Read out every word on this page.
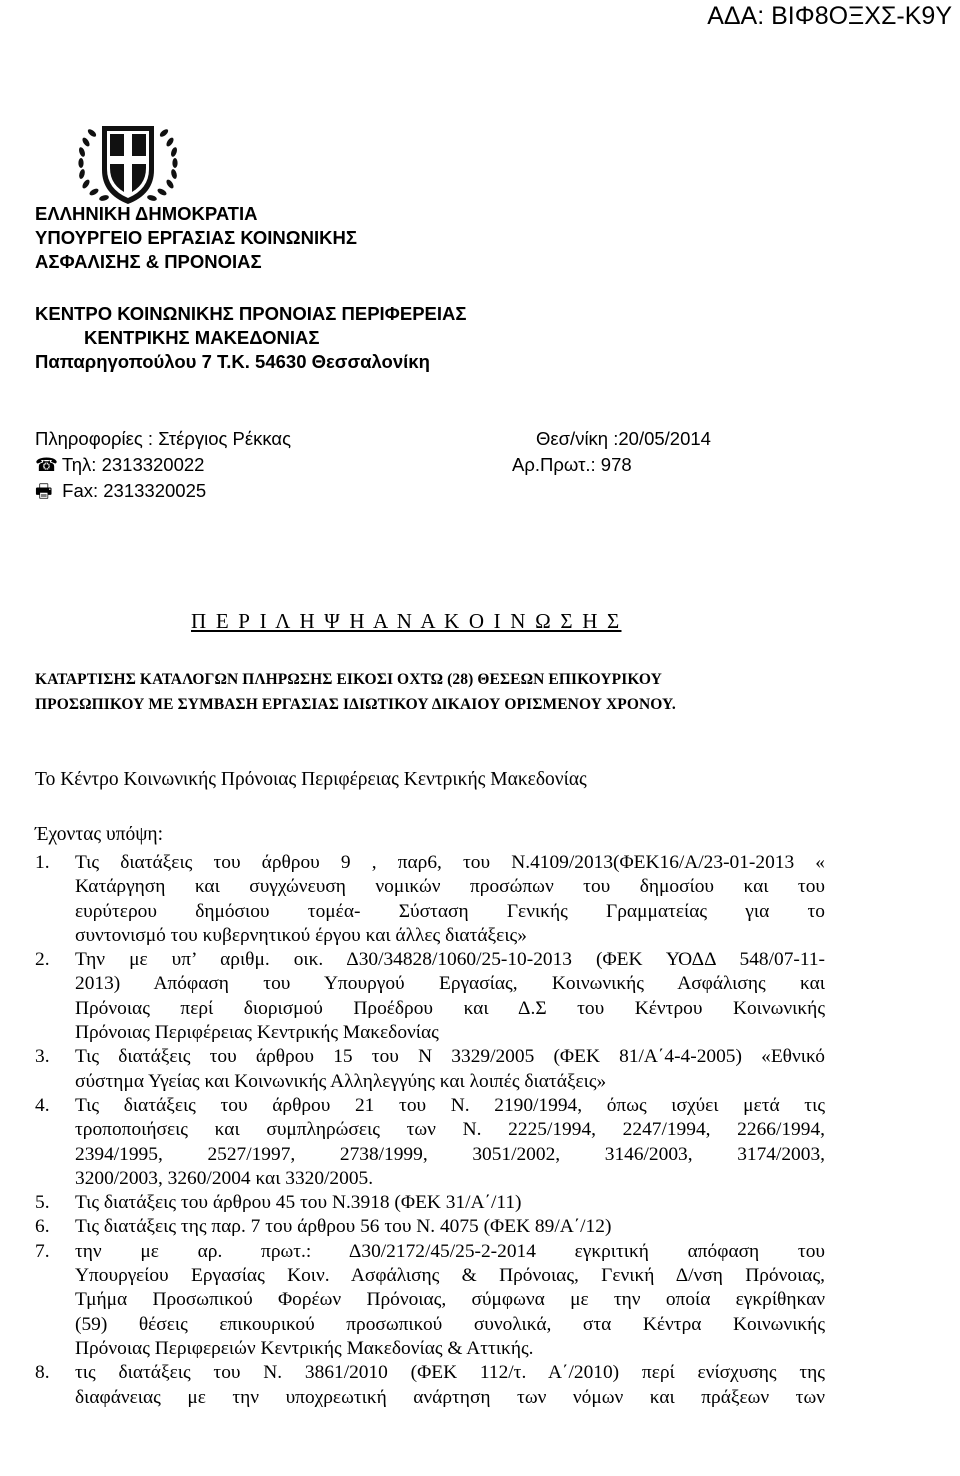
ΑΔΑ: ΒΙΦ8ΟΞΧΣ-Κ9Υ
ΕΛΛΗΝΙΚΗ ΔΗΜΟΚΡΑΤΙΑ
ΥΠΟΥΡΓΕΙΟ ΕΡΓΑΣΙΑΣ ΚΟΙΝΩΝΙΚΗΣ
ΑΣΦΑΛΙΣΗΣ & ΠΡΟΝΟΙΑΣ
ΚΕΝΤΡΟ ΚΟΙΝΩΝΙΚΗΣ ΠΡΟΝΟΙΑΣ ΠΕΡΙΦΕΡΕΙΑΣ
ΚΕΝΤΡΙΚΗΣ ΜΑΚΕΔΟΝΙΑΣ
Παπαρηγοπούλου 7 Τ.Κ. 54630 Θεσσαλονίκη
Πληροφορίες : Στέργιος Ρέκκας
☎ Τηλ: 2313320022
🖶 Fax: 2313320025
Θεσ/νίκη :20/05/2014
Αρ.Πρωτ.: 978
Π Ε Ρ Ι Λ Η Ψ Η Α Ν Α Κ Ο Ι Ν Ω Σ Η Σ
ΚΑΤΑΡΤΙΣΗΣ ΚΑΤΑΛΟΓΩΝ ΠΛΗΡΩΣΗΣ ΕΙΚΟΣΙ ΟΧΤΩ (28) ΘΕΣΕΩΝ ΕΠΙΚΟΥΡΙΚΟΥ
ΠΡΟΣΩΠΙΚΟΥ ΜΕ ΣΥΜΒΑΣΗ ΕΡΓΑΣΙΑΣ ΙΔΙΩΤΙΚΟΥ ΔΙΚΑΙΟΥ ΟΡΙΣΜΕΝΟΥ ΧΡΟΝΟΥ.
Το Κέντρο Κοινωνικής Πρόνοιας Περιφέρειας Κεντρικής Μακεδονίας
Έχοντας υπόψη:
1. Τις διατάξεις του άρθρου 9 , παρ6, του Ν.4109/2013(ΦΕΚ16/Α/23-01-2013 «
Κατάργηση και συγχώνευση νομικών προσώπων του δημοσίου και του
ευρύτερου δημόσιου τομέα- Σύσταση Γενικής Γραμματείας για το
συντονισμό του κυβερνητικού έργου και άλλες διατάξεις»
2. Την με υπ’ αριθμ. οικ. Δ30/34828/1060/25-10-2013 (ΦΕΚ ΥΟΔΔ 548/07-11-
2013) Απόφαση του Υπουργού Εργασίας, Κοινωνικής Ασφάλισης και
Πρόνοιας περί διορισμού Προέδρου και Δ.Σ του Κέντρου Κοινωνικής
Πρόνοιας Περιφέρειας Κεντρικής Μακεδονίας
3. Τις διατάξεις του άρθρου 15 του Ν 3329/2005 (ΦΕΚ 81/Α΄4-4-2005) «Εθνικό
σύστημα Υγείας και Κοινωνικής Αλληλεγγύης και λοιπές διατάξεις»
4. Τις διατάξεις του άρθρου 21 του Ν. 2190/1994, όπως ισχύει μετά τις
τροποποιήσεις και συμπληρώσεις των Ν. 2225/1994, 2247/1994, 2266/1994,
2394/1995, 2527/1997, 2738/1999, 3051/2002, 3146/2003, 3174/2003,
3200/2003, 3260/2004 και 3320/2005.
5. Τις διατάξεις του άρθρου 45 του Ν.3918 (ΦΕΚ 31/Α΄/11)
6. Τις διατάξεις της παρ. 7 του άρθρου 56 του Ν. 4075 (ΦΕΚ 89/Α΄/12)
7. την με αρ. πρωτ.: Δ30/2172/45/25-2-2014 εγκριτική απόφαση του
Υπουργείου Εργασίας Κοιν. Ασφάλισης & Πρόνοιας, Γενική Δ/νση Πρόνοιας,
Τμήμα Προσωπικού Φορέων Πρόνοιας, σύμφωνα με την οποία εγκρίθηκαν
(59) θέσεις επικουρικού προσωπικού συνολικά, στα Κέντρα Κοινωνικής
Πρόνοιας Περιφερειών Κεντρικής Μακεδονίας & Αττικής.
8. τις διατάξεις του Ν. 3861/2010 (ΦΕΚ 112/τ. Α΄/2010) περί ενίσχυσης της
διαφάνειας με την υποχρεωτική ανάρτηση των νόμων και πράξεων των
